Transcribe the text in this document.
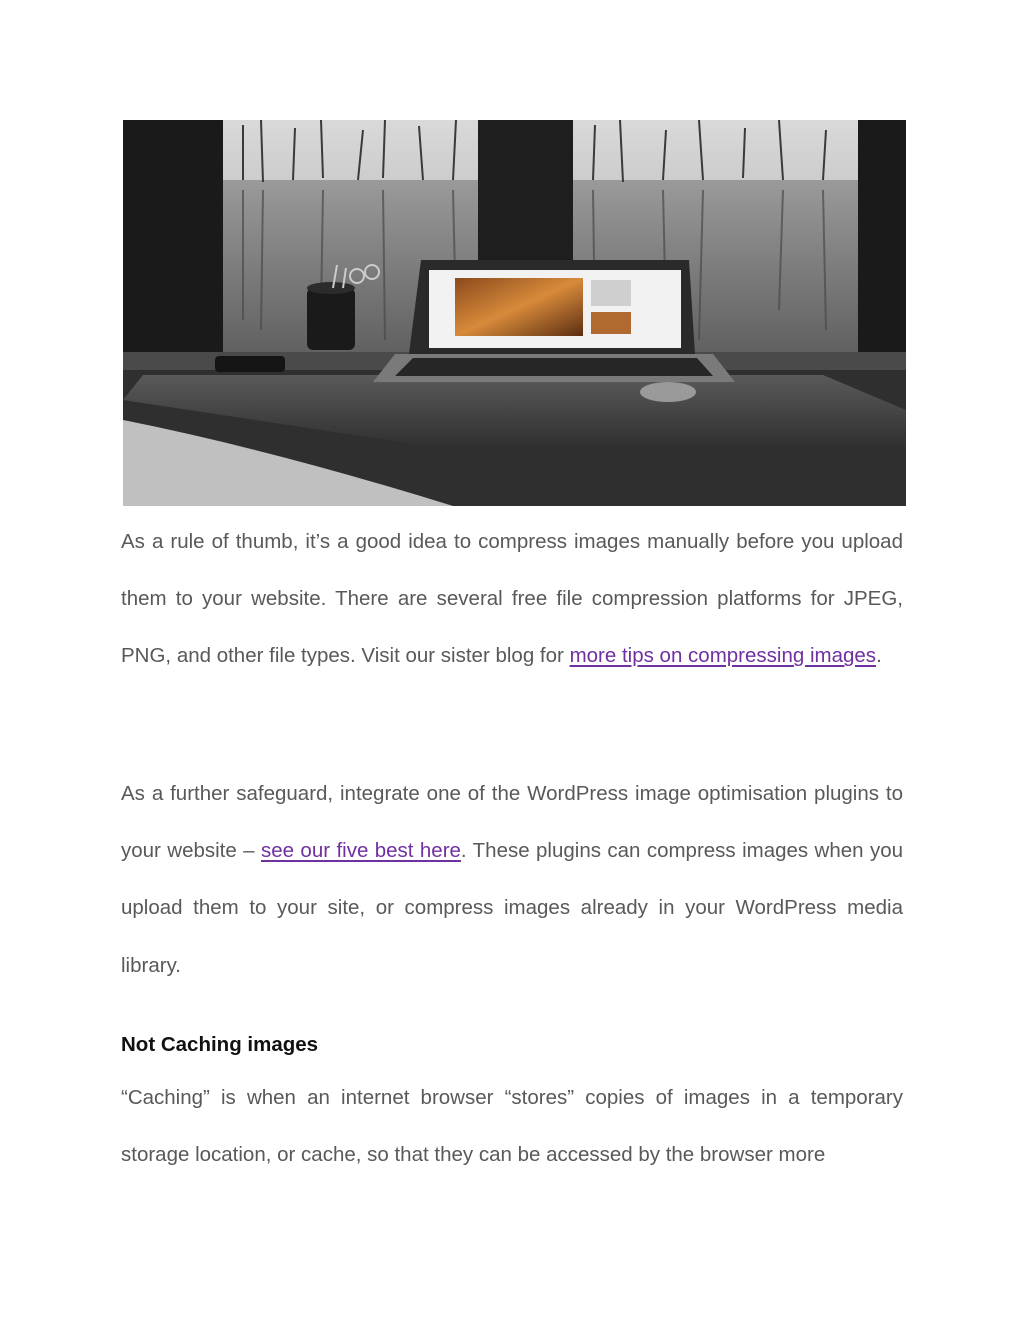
As a rule of thumb, it’s a good idea to compress images manually before you upload them to your website. There are several free file compression platforms for JPEG, PNG, and other file types. Visit our sister blog for more tips on compressing images.

As a further safeguard, integrate one of the WordPress image optimisation plugins to your website – see our five best here. These plugins can compress images when you upload them to your site, or compress images already in your WordPress media library.

Not Caching images

“Caching” is when an internet browser “stores” copies of images in a temporary storage location, or cache, so that they can be accessed by the browser more
